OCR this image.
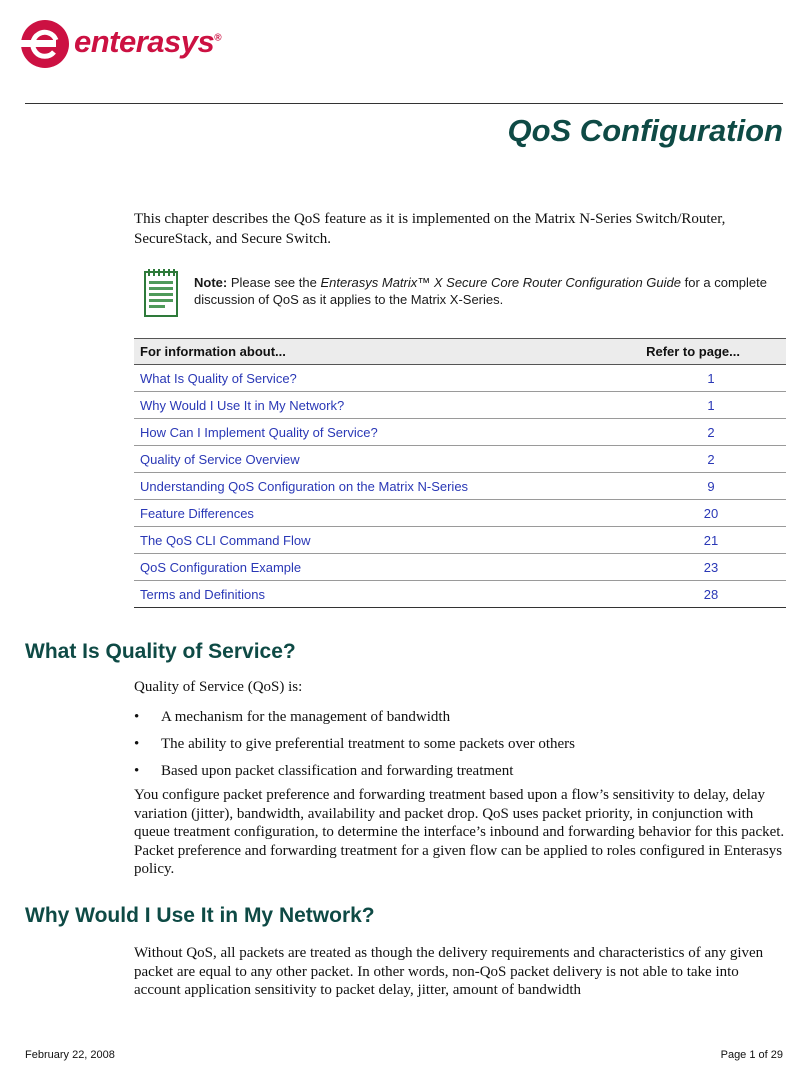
enterasys®
QoS Configuration

This chapter describes the QoS feature as it is implemented on the Matrix N-Series Switch/Router, SecureStack, and Secure Switch.

Note: Please see the Enterasys Matrix™ X Secure Core Router Configuration Guide for a complete discussion of QoS as it applies to the Matrix X-Series.
For information about...	Refer to page...
What Is Quality of Service?	1
Why Would I Use It in My Network?	1
How Can I Implement Quality of Service?	2
Quality of Service Overview	2
Understanding QoS Configuration on the Matrix N-Series	9
Feature Differences	20
The QoS CLI Command Flow	21
QoS Configuration Example	23
Terms and Definitions	28
What Is Quality of Service?

Quality of Service (QoS) is:

•	A mechanism for the management of bandwidth
•	The ability to give preferential treatment to some packets over others
•	Based upon packet classification and forwarding treatment

You configure packet preference and forwarding treatment based upon a flow’s sensitivity to delay, delay variation (jitter), bandwidth, availability and packet drop. QoS uses packet priority, in conjunction with queue treatment configuration, to determine the interface’s inbound and forwarding behavior for this packet. Packet preference and forwarding treatment for a given flow can be applied to roles configured in Enterasys policy.

Why Would I Use It in My Network?

Without QoS, all packets are treated as though the delivery requirements and characteristics of any given packet are equal to any other packet. In other words, non-QoS packet delivery is not able to take into account application sensitivity to packet delay, jitter, amount of bandwidth

February 22, 2008	Page 1 of 29
